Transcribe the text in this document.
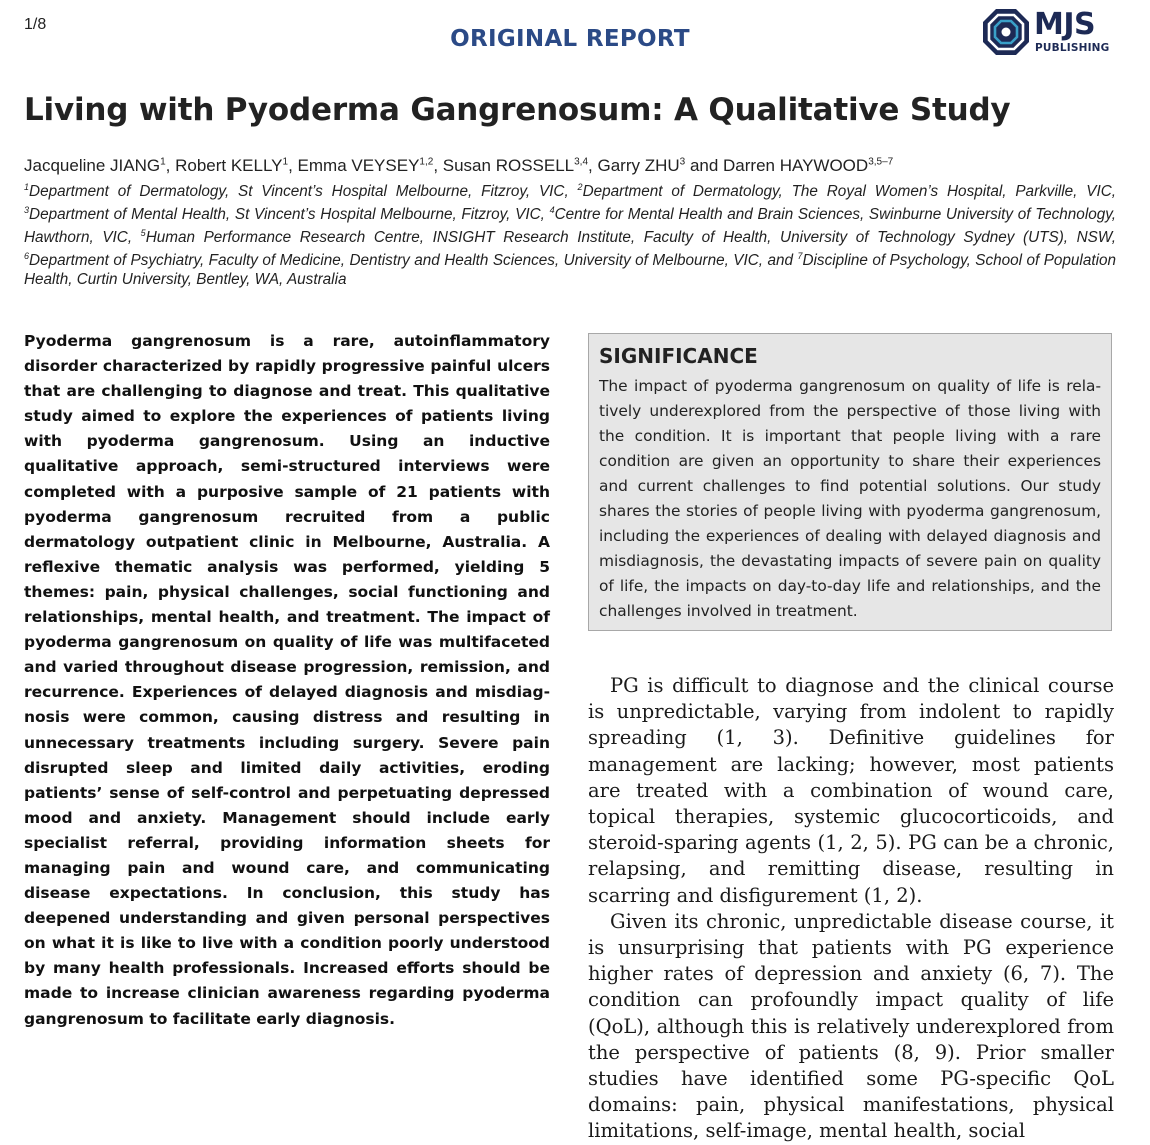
1/8
ORIGINAL REPORT	MJS
PUBLISHING
Living with Pyoderma Gangrenosum: A Qualitative Study
Jacqueline JIANG$^1$, Robert KELLY$^1$, Emma VEYSEY$^{1,2}$, Susan ROSSELL$^{3,4}$, Garry ZHU$^3$ and Darren HAYWOOD$^{3,5-7}$
$^1$Department of Dermatology, St Vincent’s Hospital Melbourne, Fitzroy, VIC, $^2$Department of Dermatology, The Royal Women’s Hospital, Parkville, VIC, $^3$Department of Mental Health, St Vincent’s Hospital Melbourne, Fitzroy, VIC, $^4$Centre for Mental Health and Brain Sciences, Swinburne University of Technology, Hawthorn, VIC, $^5$Human Performance Research Centre, INSIGHT Research Institute, Faculty of Health, University of Technology Sydney (UTS), NSW, $^6$Department of Psychiatry, Faculty of Medicine, Dentistry and Health Sciences, University of Melbourne, VIC, and $^7$Discipline of Psychology, School of Population Health, Curtin University, Bentley, WA, Australia

Pyoderma gangrenosum is a rare, autoinflammatory disorder characterized by rapidly progressive painful ulcers that are challenging to diagnose and treat. This qualitative study aimed to explore the experiences of patients living with pyoderma gangrenosum. Using an inductive qualitative approach, semi-structured interviews were completed with a purposive sample of 21 patients with pyoderma gangrenosum recruited from a public dermatology outpatient clinic in Melbourne, Australia. A reflexive thematic analysis was performed, yielding 5 themes: pain, physical challenges, social functioning and relationships, mental health, and treatment. The impact of pyoderma gangrenosum on quality of life was multifaceted and varied throughout disease progression, remission, and recurrence. Experiences of delayed diagnosis and misdiagnosis were common, causing distress and resulting in unnecessary treatments including surgery. Severe pain disrupted sleep and limited daily activities, eroding patients’ sense of self-control and perpetuating depressed mood and anxiety. Management should include early specialist referral, providing information sheets for managing pain and wound care, and communicating disease expectations. In conclusion, this study has deepened understanding and given personal perspectives on what it is like to live with a condition poorly understood by many health professionals. Increased efforts should be made to increase clinician awareness regarding pyoderma gangrenosum to facilitate early diagnosis.

SIGNIFICANCE

The impact of pyoderma gangrenosum on quality of life is relatively underexplored from the perspective of those living with the condition. It is important that people living with a rare condition are given an opportunity to share their experiences and current challenges to find potential solutions. Our study shares the stories of people living with pyoderma gangrenosum, including the experiences of dealing with delayed diagnosis and misdiagnosis, the devastating impacts of severe pain on quality of life, the impacts on day-to-day life and relationships, and the challenges involved in treatment.

PG is difficult to diagnose and the clinical course is unpredictable, varying from indolent to rapidly spreading (1, 3). Definitive guidelines for management are lacking; however, most patients are treated with a combination of wound care, topical therapies, systemic glucocorticoids, and steroid-sparing agents (1, 2, 5). PG can be a chronic, relapsing, and remitting disease, resulting in scarring and disfigurement (1, 2).

Given its chronic, unpredictable disease course, it is unsurprising that patients with PG experience higher rates of depression and anxiety (6, 7). The condition can profoundly impact quality of life (QoL), although this is relatively underexplored from the perspective of patients (8, 9). Prior smaller studies have identified some PG-specific QoL domains: pain, physical manifestations, physical limitations, self-image, mental health, social
